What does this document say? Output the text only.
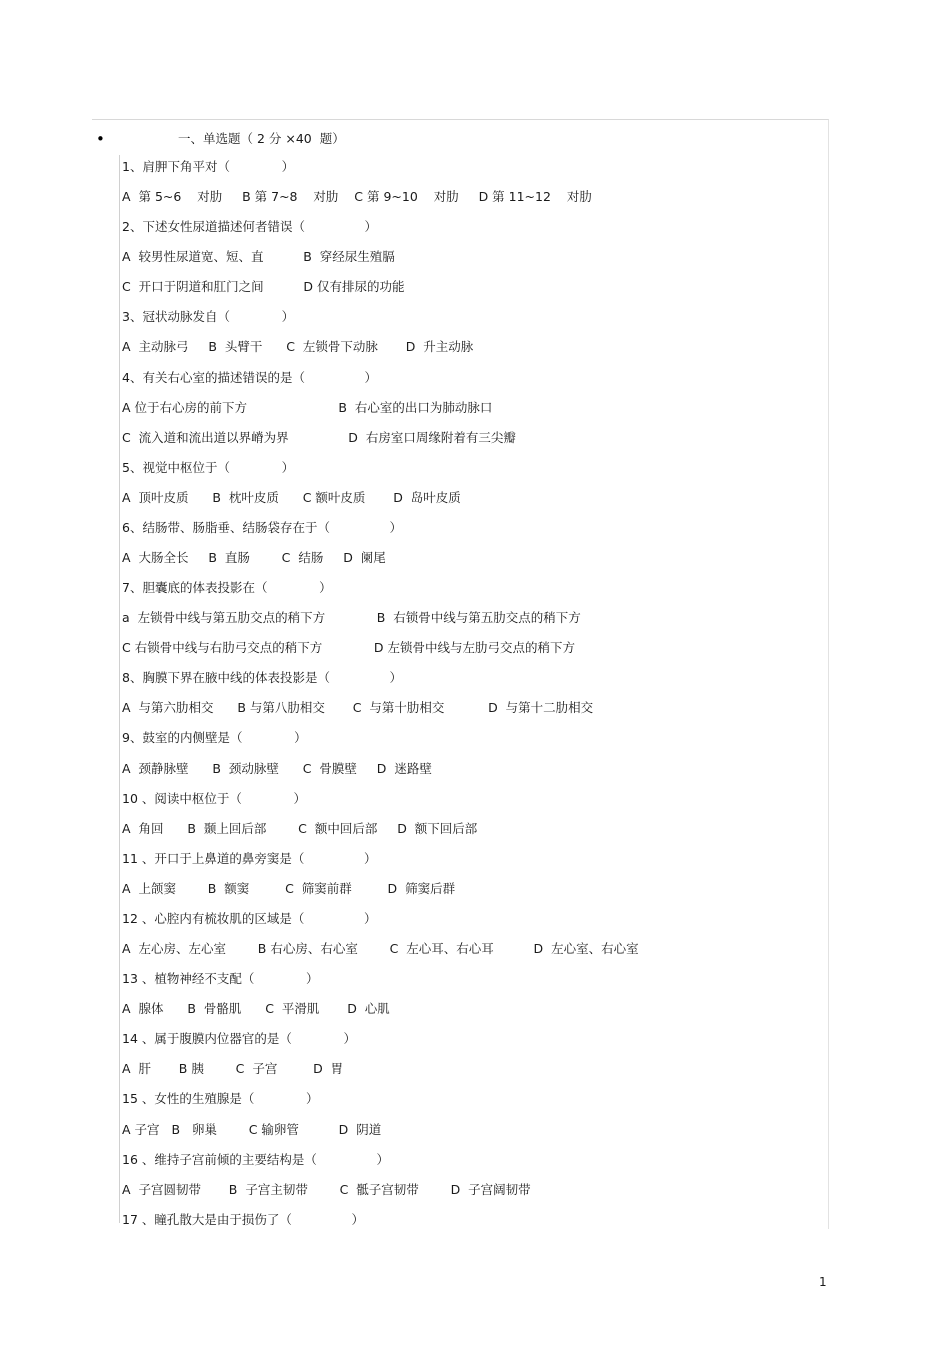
•	一、单选题（ 2 分 ×40  题）
1、肩胛下角平对（             ）
A  第 5~6    对肋     B 第 7~8    对肋    C 第 9~10    对肋     D 第 11~12    对肋
2、下述女性尿道描述何者错误（               ）
A  较男性尿道宽、短、直          B  穿经尿生殖膈
C  开口于阴道和肛门之间          D 仅有排尿的功能
3、冠状动脉发自（             ）
A  主动脉弓     B  头臂干      C  左锁骨下动脉       D  升主动脉
4、有关右心室的描述错误的是（               ）
A 位于右心房的前下方                       B  右心室的出口为肺动脉口
C  流入道和流出道以界嵴为界               D  右房室口周缘附着有三尖瓣
5、视觉中枢位于（             ）
A  顶叶皮质      B  枕叶皮质      C 额叶皮质       D  岛叶皮质
6、结肠带、肠脂垂、结肠袋存在于（               ）
A  大肠全长     B  直肠        C  结肠     D  阑尾
7、胆囊底的体表投影在（             ）
a  左锁骨中线与第五肋交点的稍下方             B  右锁骨中线与第五肋交点的稍下方
C 右锁骨中线与右肋弓交点的稍下方             D 左锁骨中线与左肋弓交点的稍下方
8、胸膜下界在腋中线的体表投影是（               ）
A  与第六肋相交      B 与第八肋相交       C  与第十肋相交           D  与第十二肋相交
9、鼓室的内侧壁是（             ）
A  颈静脉壁      B  颈动脉壁      C  骨膜壁     D  迷路壁
10 、阅读中枢位于（             ）
A  角回      B  颞上回后部        C  额中回后部     D  额下回后部
11 、开口于上鼻道的鼻旁窦是（               ）
A  上颌窦        B  额窦         C  筛窦前群         D  筛窦后群
12 、心腔内有梳妆肌的区域是（               ）
A  左心房、左心室        B 右心房、右心室        C  左心耳、右心耳          D  左心室、右心室
13 、植物神经不支配（             ）
A  腺体      B  骨骼肌      C  平滑肌       D  心肌
14 、属于腹膜内位器官的是（             ）
A  肝       B 胰        C  子宫         D  胃
15 、女性的生殖腺是（             ）
A 子宫   B   卵巢        C 输卵管          D  阴道
16 、维持子宫前倾的主要结构是（               ）
A  子宫圆韧带       B  子宫主韧带        C  骶子宫韧带        D  子宫阔韧带
17 、瞳孔散大是由于损伤了（               ）
1
